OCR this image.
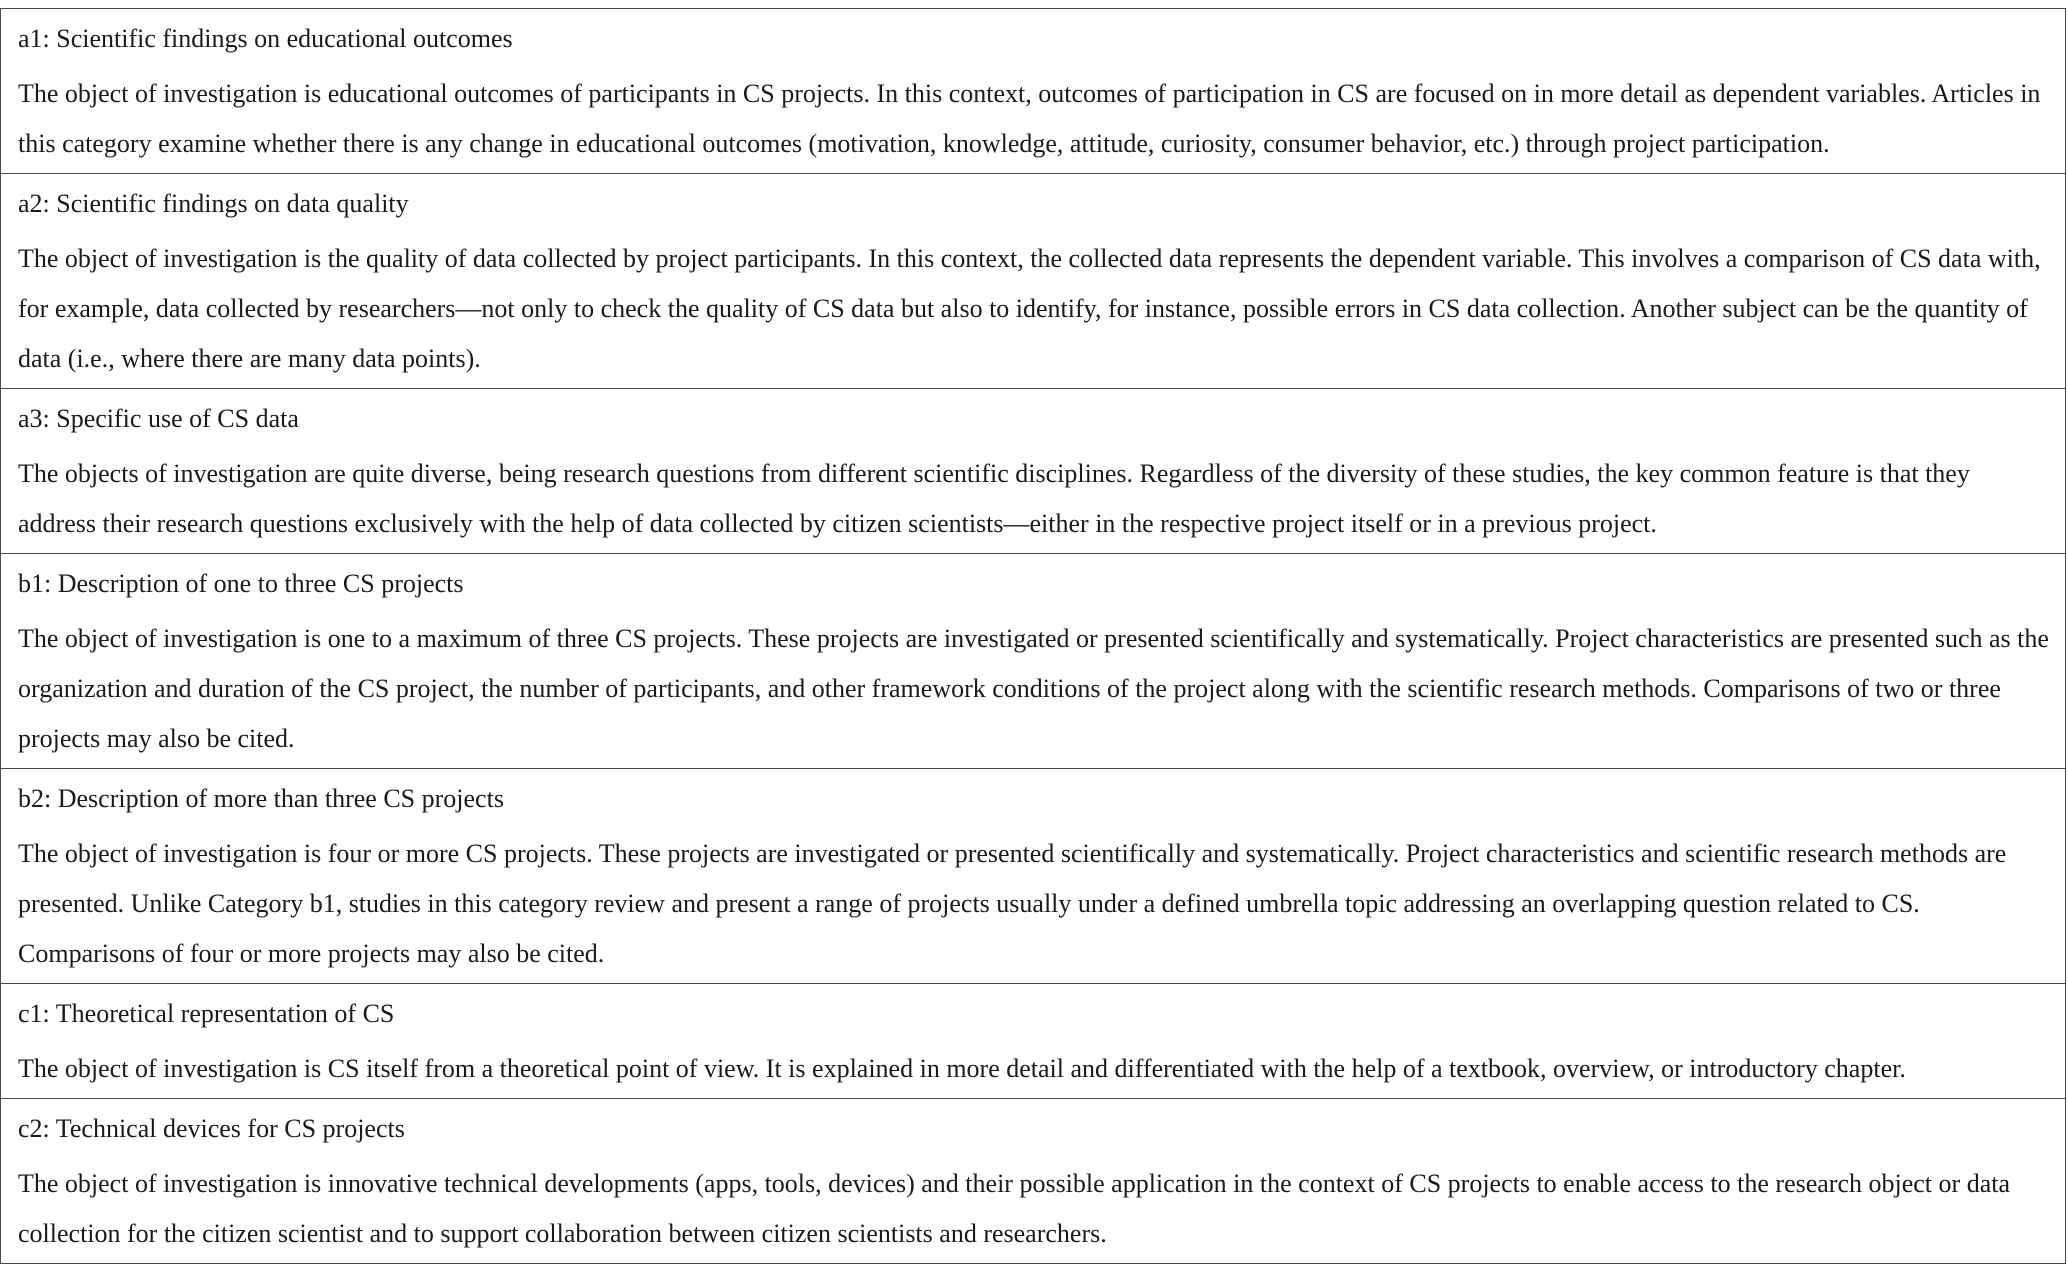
a1: Scientific findings on educational outcomes
The object of investigation is educational outcomes of participants in CS projects. In this context, outcomes of participation in CS are focused on in more detail as dependent variables. Articles in this category examine whether there is any change in educational outcomes (motivation, knowledge, attitude, curiosity, consumer behavior, etc.) through project participation.

a2: Scientific findings on data quality
The object of investigation is the quality of data collected by project participants. In this context, the collected data represents the dependent variable. This involves a comparison of CS data with, for example, data collected by researchers—not only to check the quality of CS data but also to identify, for instance, possible errors in CS data collection. Another subject can be the quantity of data (i.e., where there are many data points).

a3: Specific use of CS data
The objects of investigation are quite diverse, being research questions from different scientific disciplines. Regardless of the diversity of these studies, the key common feature is that they address their research questions exclusively with the help of data collected by citizen scientists—either in the respective project itself or in a previous project.

b1: Description of one to three CS projects
The object of investigation is one to a maximum of three CS projects. These projects are investigated or presented scientifically and systematically. Project characteristics are presented such as the organization and duration of the CS project, the number of participants, and other framework conditions of the project along with the scientific research methods. Comparisons of two or three projects may also be cited.

b2: Description of more than three CS projects
The object of investigation is four or more CS projects. These projects are investigated or presented scientifically and systematically. Project characteristics and scientific research methods are presented. Unlike Category b1, studies in this category review and present a range of projects usually under a defined umbrella topic addressing an overlapping question related to CS. Comparisons of four or more projects may also be cited.

c1: Theoretical representation of CS
The object of investigation is CS itself from a theoretical point of view. It is explained in more detail and differentiated with the help of a textbook, overview, or introductory chapter.

c2: Technical devices for CS projects
The object of investigation is innovative technical developments (apps, tools, devices) and their possible application in the context of CS projects to enable access to the research object or data collection for the citizen scientist and to support collaboration between citizen scientists and researchers.
